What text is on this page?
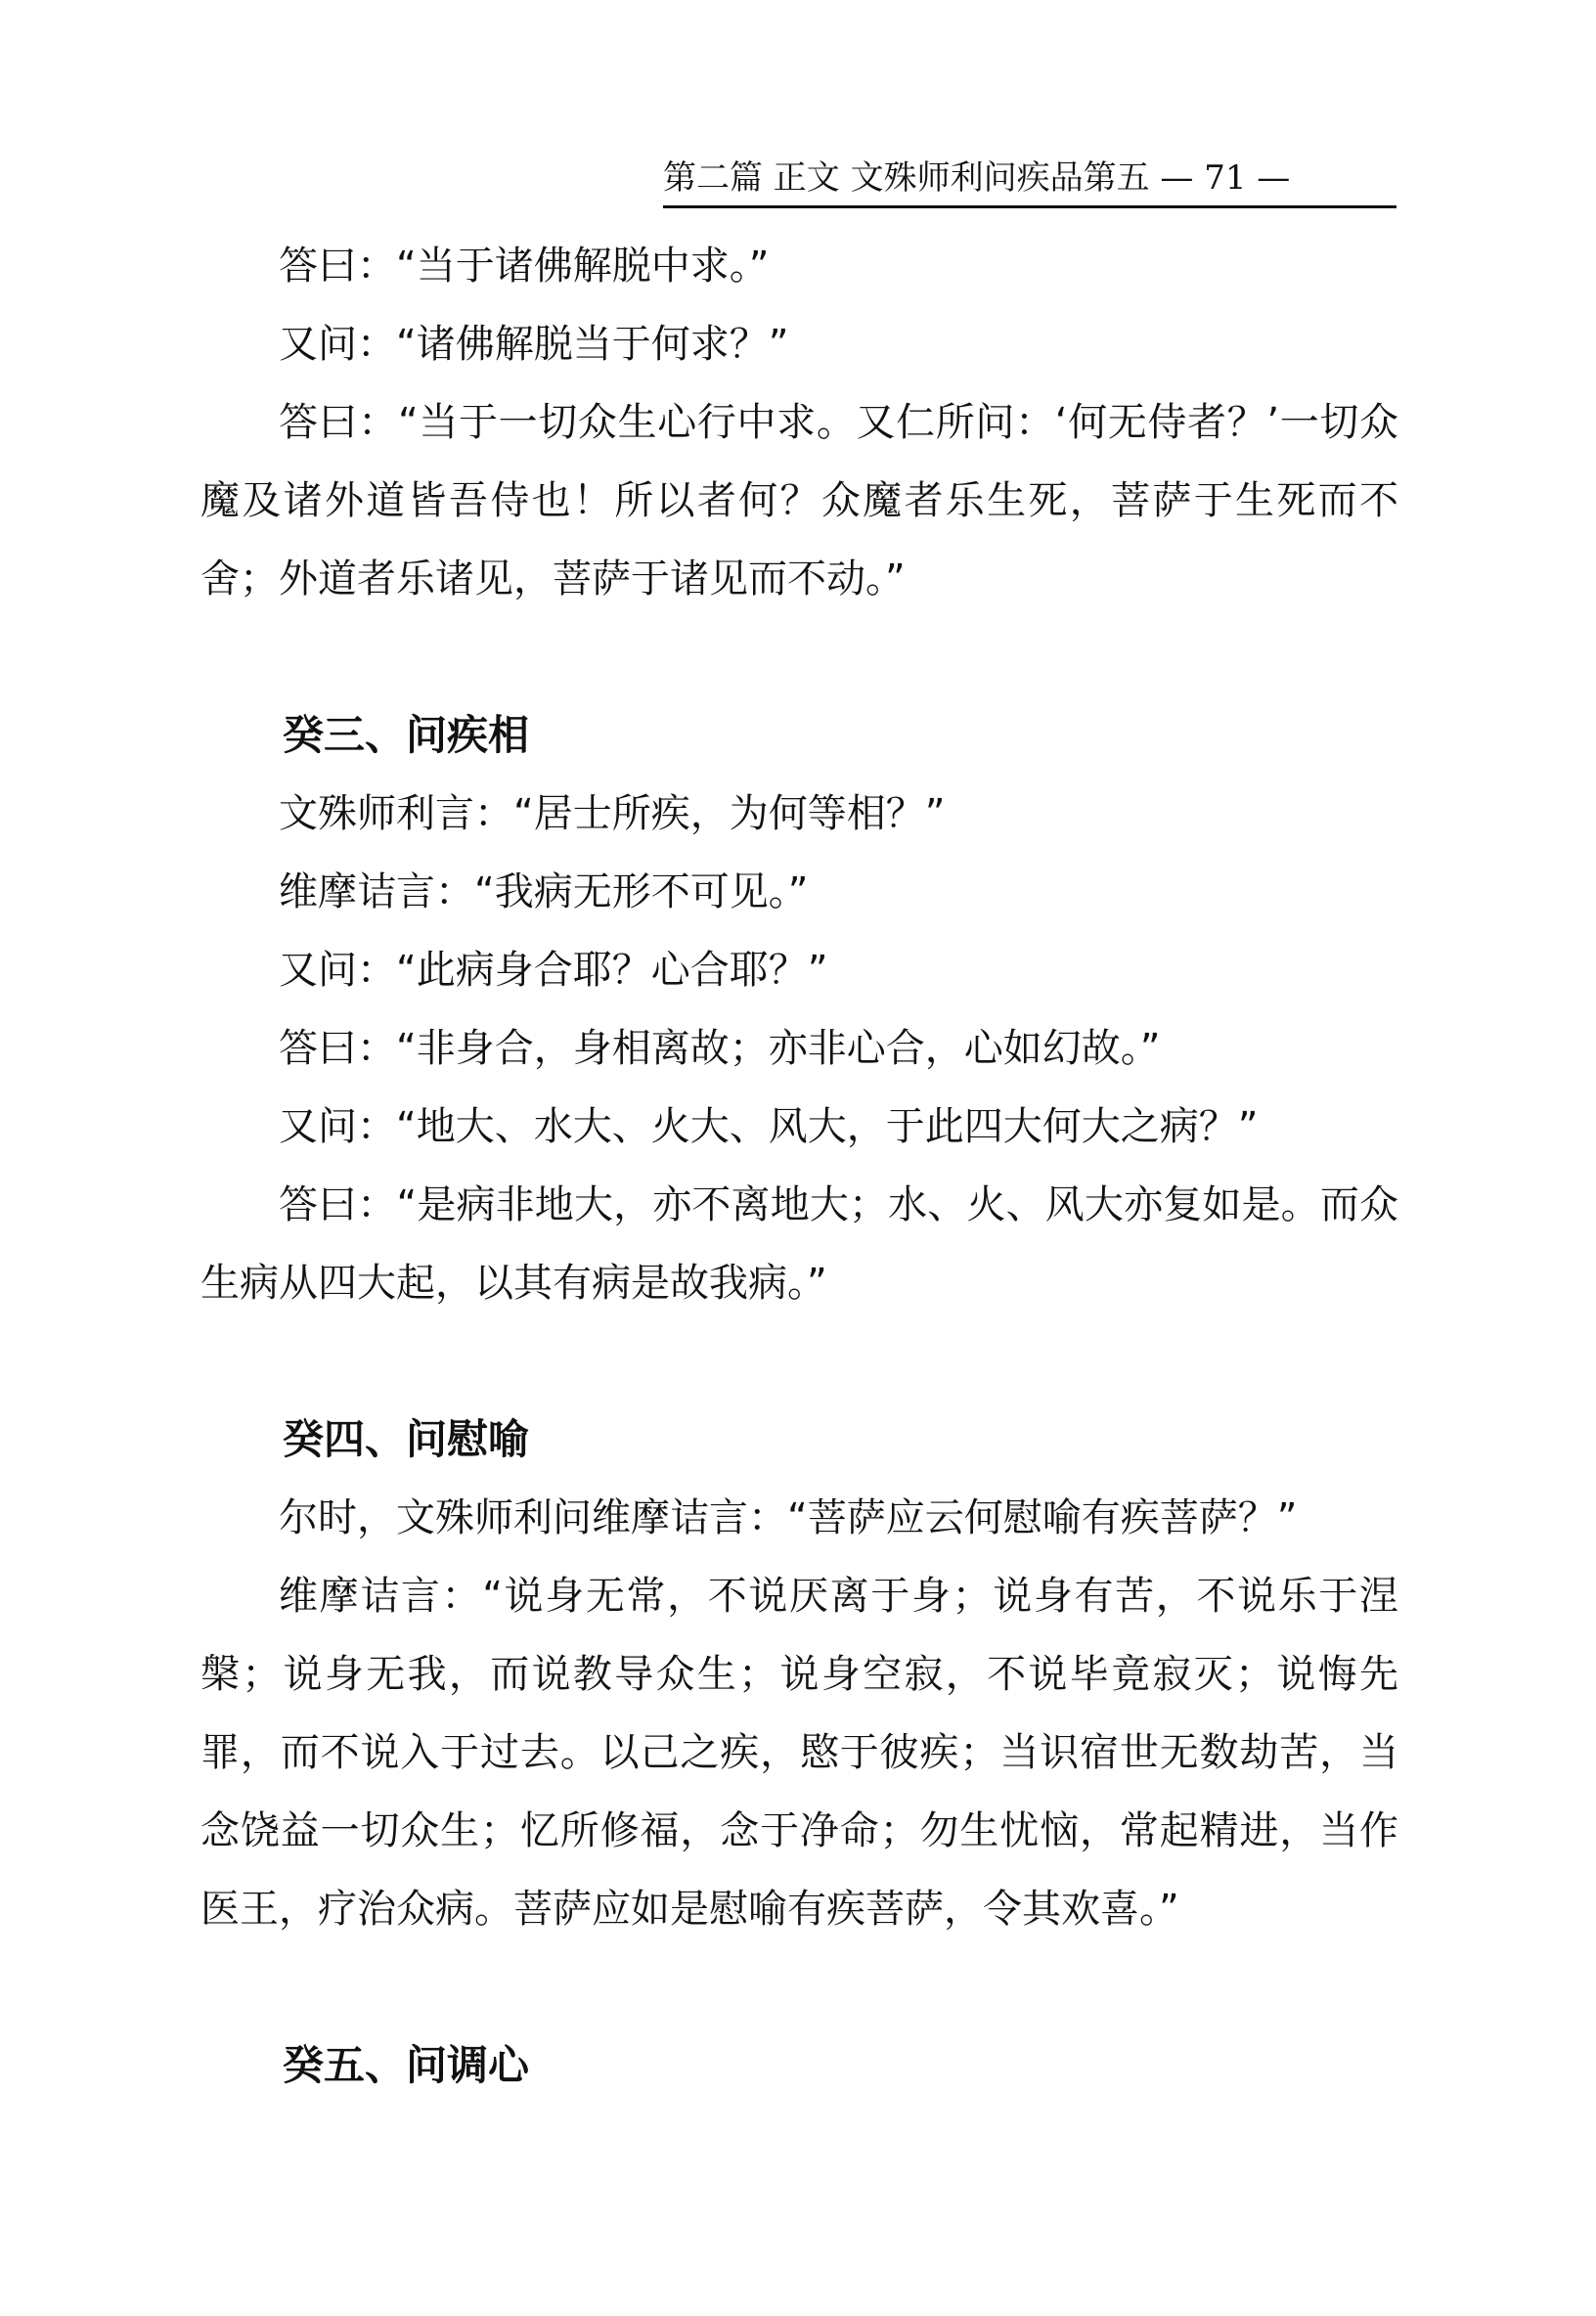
第二篇 正文 文殊师利问疾品第五 — 71 —

答曰：“当于诸佛解脱中求。”

又问：“诸佛解脱当于何求？”

答曰：“当于一切众生心行中求。又仁所问：‘何无侍者？’一切众魔及诸外道皆吾侍也！所以者何？众魔者乐生死，菩萨于生死而不舍；外道者乐诸见，菩萨于诸见而不动。”

癸三、问疾相

文殊师利言：“居士所疾，为何等相？”

维摩诘言：“我病无形不可见。”

又问：“此病身合耶？心合耶？”

答曰：“非身合，身相离故；亦非心合，心如幻故。”

又问：“地大、水大、火大、风大，于此四大何大之病？”

答曰：“是病非地大，亦不离地大；水、火、风大亦复如是。而众生病从四大起，以其有病是故我病。”

癸四、问慰喻

尔时，文殊师利问维摩诘言：“菩萨应云何慰喻有疾菩萨？”

维摩诘言：“说身无常，不说厌离于身；说身有苦，不说乐于涅槃；说身无我，而说教导众生；说身空寂，不说毕竟寂灭；说悔先罪，而不说入于过去。以己之疾，愍于彼疾；当识宿世无数劫苦，当念饶益一切众生；忆所修福，念于净命；勿生忧恼，常起精进，当作医王，疗治众病。菩萨应如是慰喻有疾菩萨，令其欢喜。”

癸五、问调心
